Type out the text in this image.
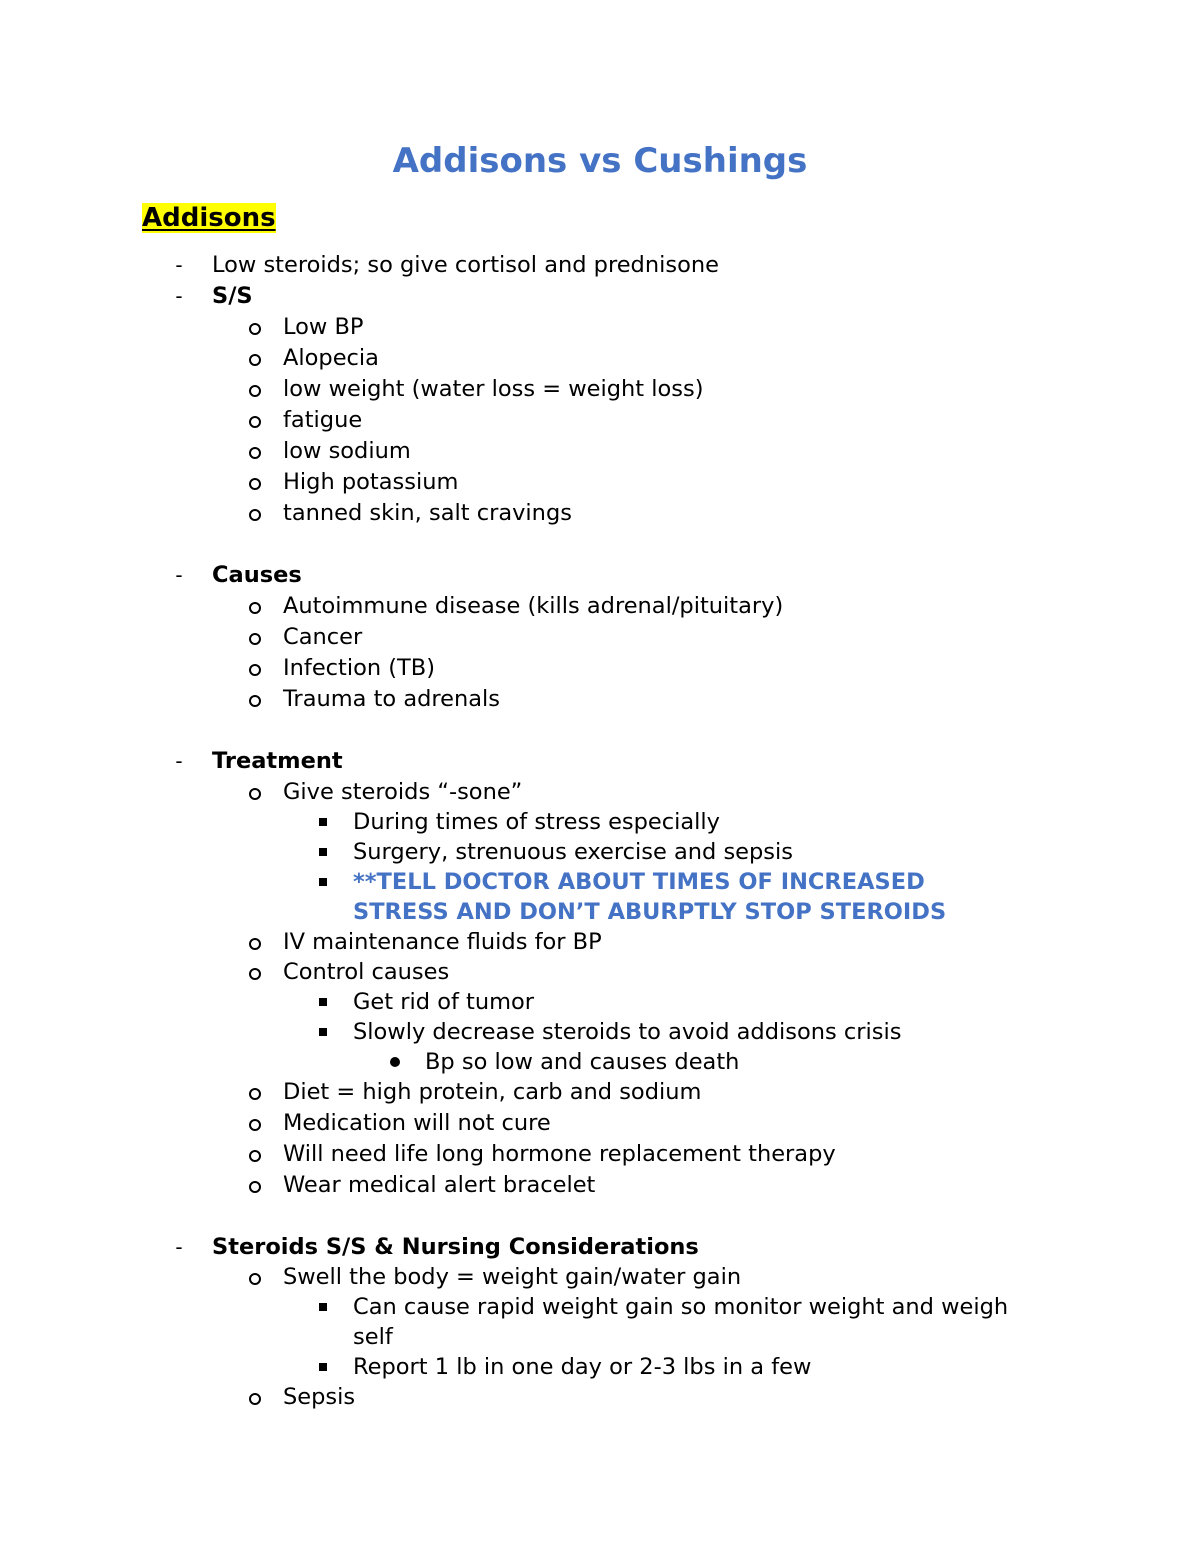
Addisons vs Cushings
Addisons
- Low steroids; so give cortisol and prednisone
- S/S
Low BP
Alopecia
low weight (water loss = weight loss)
fatigue
low sodium
High potassium
tanned skin, salt cravings
- Causes
Autoimmune disease (kills adrenal/pituitary)
Cancer
Infection (TB)
Trauma to adrenals
- Treatment
Give steroids “-sone”
During times of stress especially
Surgery, strenuous exercise and sepsis
**TELL DOCTOR ABOUT TIMES OF INCREASED
STRESS AND DON’T ABURPTLY STOP STEROIDS
IV maintenance fluids for BP
Control causes
Get rid of tumor
Slowly decrease steroids to avoid addisons crisis
Bp so low and causes death
Diet = high protein, carb and sodium
Medication will not cure
Will need life long hormone replacement therapy
Wear medical alert bracelet
- Steroids S/S & Nursing Considerations
Swell the body = weight gain/water gain
Can cause rapid weight gain so monitor weight and weigh
self
Report 1 lb in one day or 2-3 lbs in a few
Sepsis
